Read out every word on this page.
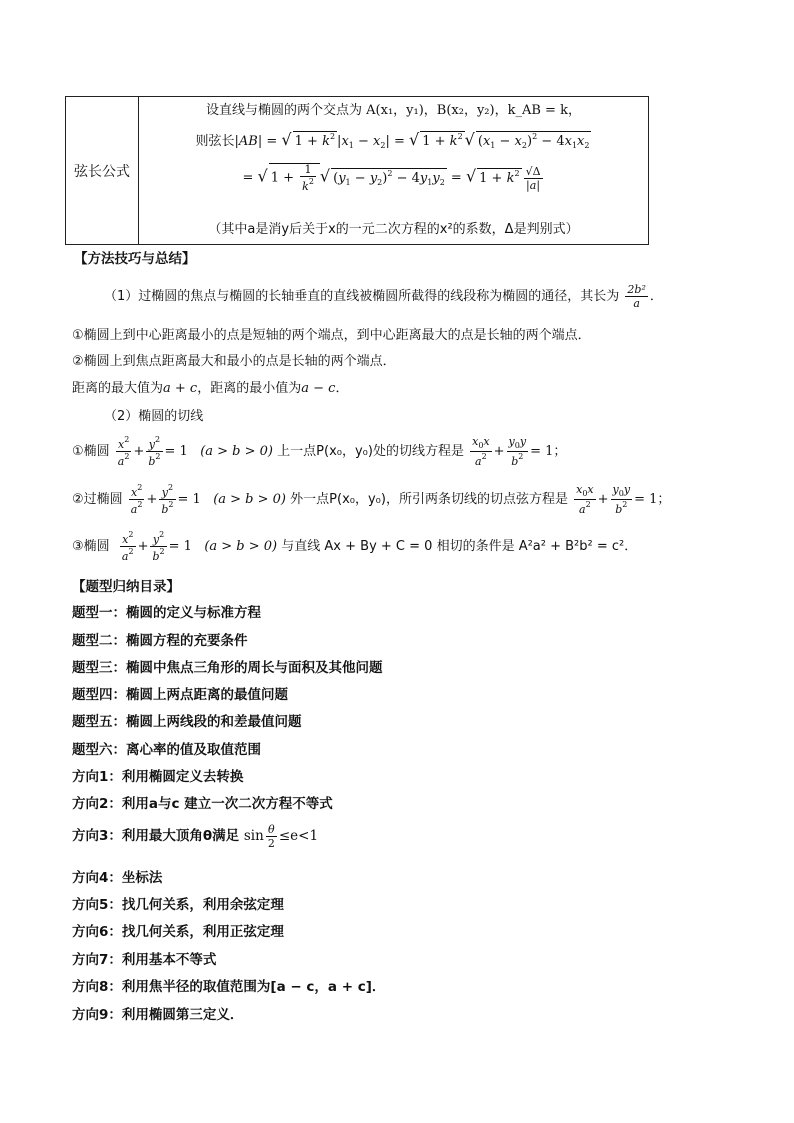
弦长公式
设直线与椭圆的两个交点为 A(x₁，y₁)，B(x₂，y₂)，k_AB = k，
则弦长|AB| = √ $1 + k^2$ $|x_1 - x_2|$ = √ $1 + k^2$ √ $(x_1 - x_2)^2 - 4x_1x_2$
= √ $1 + \frac{1}{k^2}$ √ $(y_1 - y_2)^2 - 4y_1y_2$ = √ $1 + k^2 \frac{√\Delta}{|a|}$
（其中a是消y后关于x的一元二次方程的x²的系数，Δ是判别式）
【方法技巧与总结】
（1）过椭圆的焦点与椭圆的长轴垂直的直线被椭圆所截得的线段称为椭圆的通径，其长为 $\frac{\text{2b²}}{a}$ ．
①椭圆上到中心距离最小的点是短轴的两个端点，到中心距离最大的点是长轴的两个端点．
②椭圆上到焦点距离最大和最小的点是长轴的两个端点．
距离的最大值为a + c，距离的最小值为a − c．
（2）椭圆的切线
①椭圆 $\frac{x^2}{a^2} + \frac{y^2}{b^2} = 1$   (a > b > 0) 上一点P(x₀，y₀)处的切线方程是 $\frac{x_0x}{a^2} + \frac{y_0y}{b^2} = 1$；
②过椭圆 $\frac{x^2}{a^2} + \frac{y^2}{b^2} = 1$   (a > b > 0) 外一点P(x₀，y₀)，所引两条切线的切点弦方程是 $\frac{x_0x}{a^2} + \frac{y_0y}{b^2} = 1$；
③椭圆 $\frac{x^2}{a^2} + \frac{y^2}{b^2} = 1$   (a > b > 0) 与直线 Ax + By + C = 0 相切的条件是 A²a² + B²b² = c²．
【题型归纳目录】
题型一：椭圆的定义与标准方程
题型二：椭圆方程的充要条件
题型三：椭圆中焦点三角形的周长与面积及其他问题
题型四：椭圆上两点距离的最值问题
题型五：椭圆上两线段的和差最值问题
题型六：离心率的值及取值范围
方向1：利用椭圆定义去转换
方向2：利用a与c 建立一次二次方程不等式
方向3：利用最大顶角θ满足 $\sin \frac{\theta}{2} \le e<1$
方向4：坐标法
方向5：找几何关系，利用余弦定理
方向6：找几何关系，利用正弦定理
方向7：利用基本不等式
方向8：利用焦半径的取值范围为[a − c，a + c]．
方向9：利用椭圆第三定义．
